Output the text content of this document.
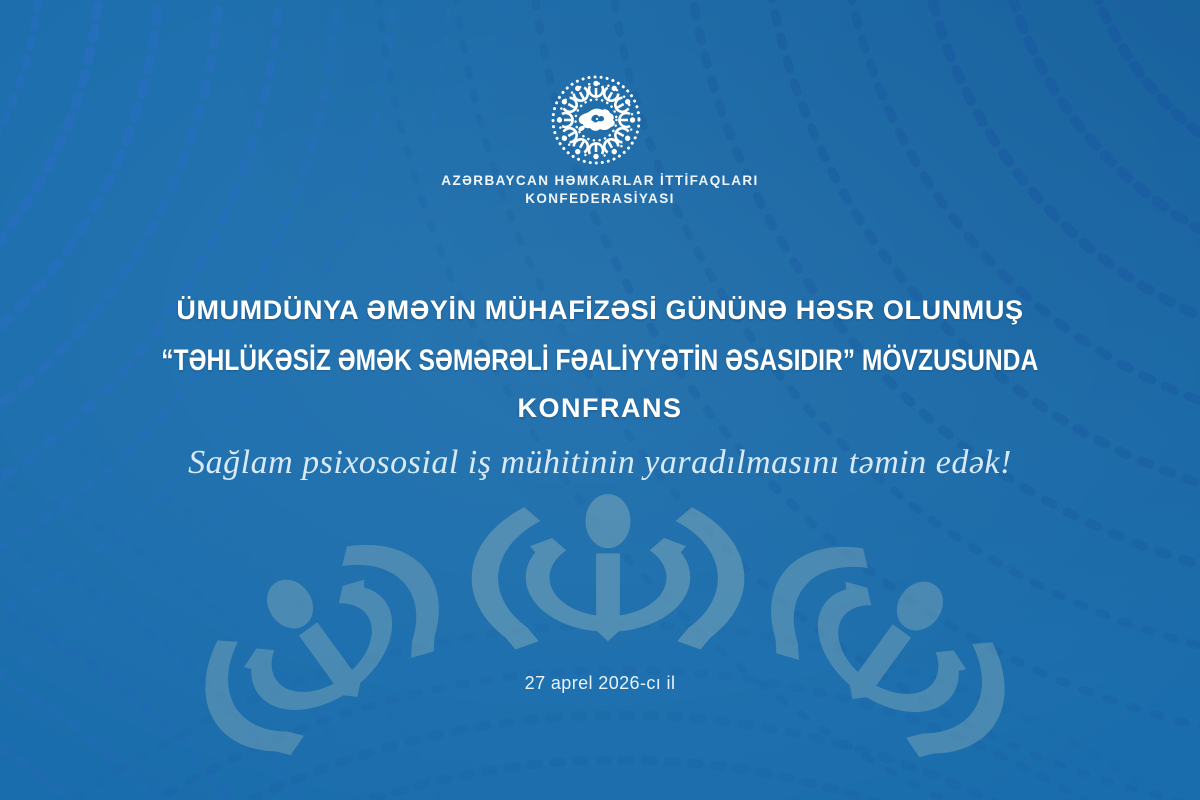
AZƏRBAYCAN HƏMKARLAR İTTİFAQLARI
KONFEDERASİYASI
ÜMUMDÜNYA ƏMƏYİN MÜHAFİZƏSİ GÜNÜNƏ HƏSR OLUNMUŞ
“TƏHLÜKƏSİZ ƏMƏK SƏMƏRƏLİ FƏALİYYƏTİN ƏSASIDIR” MÖVZUSUNDA
KONFRANS
Sağlam psixososial iş mühitinin yaradılmasını təmin edək!
27 aprel 2026-cı il
